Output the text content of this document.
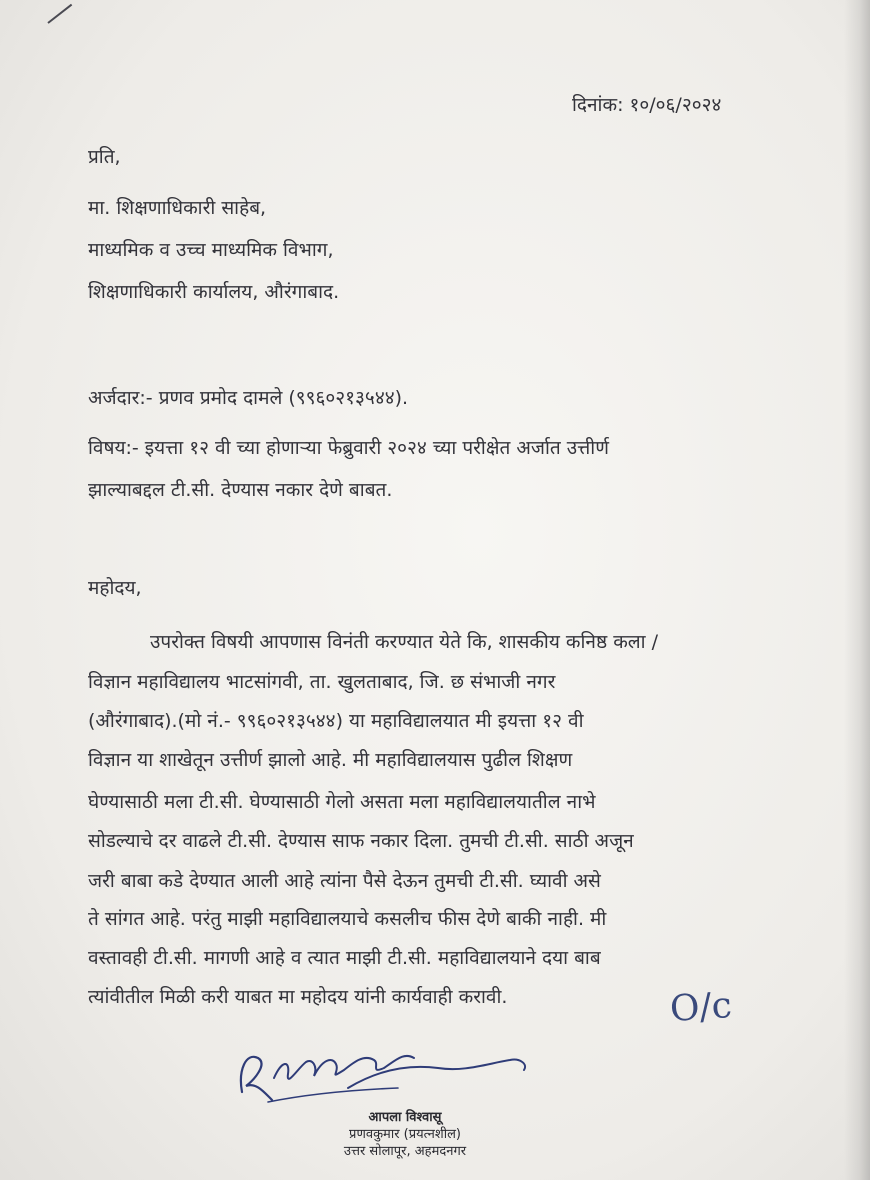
दिनांक: १०/०६/२०२४
प्रति,
मा. शिक्षणाधिकारी साहेब,
माध्यमिक व उच्च माध्यमिक विभाग,
शिक्षणाधिकारी कार्यालय, औरंगाबाद.
अर्जदार:- प्रणव प्रमोद दामले (९९६०२१३५४४).
विषय:- इयत्ता १२ वी च्या होणाऱ्या फेब्रुवारी २०२४ च्या परीक्षेत अर्जात उत्तीर्ण
झाल्याबद्दल टी.सी. देण्यास नकार देणे बाबत.
महोदय,
उपरोक्त विषयी आपणास विनंती करण्यात येते कि, शासकीय कनिष्ठ कला /
विज्ञान महाविद्यालय भाटसांगवी, ता. खुलताबाद, जि. छ संभाजी नगर
(औरंगाबाद).(मो नं.- ९९६०२१३५४४) या महाविद्यालयात मी इयत्ता १२ वी
विज्ञान या शाखेतून उत्तीर्ण झालो आहे. मी महाविद्यालयास पुढील शिक्षण
घेण्यासाठी मला टी.सी. घेण्यासाठी गेलो असता मला महाविद्यालयातील नाभे
सोडल्याचे दर वाढले टी.सी. देण्यास साफ नकार दिला. तुमची टी.सी. साठी अजून
जरी बाबा कडे देण्यात आली आहे त्यांना पैसे देऊन तुमची टी.सी. घ्यावी असे
ते सांगत आहे. परंतु माझी महाविद्यालयाचे कसलीच फीस देणे बाकी नाही. मी
वस्तावही टी.सी. मागणी आहे व त्यात माझी टी.सी. महाविद्यालयाने दया बाब
त्यांवीतील मिळी करी याबत मा महोदय यांनी कार्यवाही करावी.	O/c
आपला विश्वासू
प्रणवकुमार (प्रयत्नशील)
उत्तर सोलापूर, अहमदनगर
